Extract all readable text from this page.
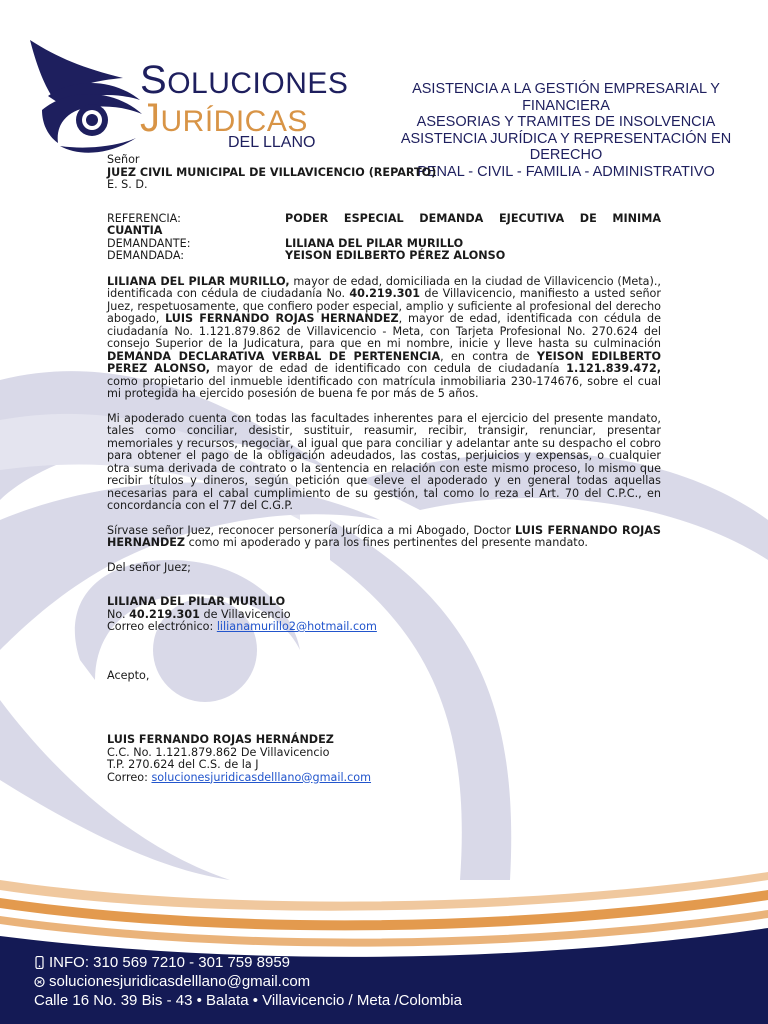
SOLUCIONES
JURÍDICAS
DEL LLANO
ASISTENCIA A LA GESTIÓN EMPRESARIAL Y FINANCIERA
ASESORIAS Y TRAMITES DE INSOLVENCIA
ASISTENCIA JURÍDICA Y REPRESENTACIÓN EN DERECHO
PENAL - CIVIL - FAMILIA - ADMINISTRATIVO

Señor

JUEZ CIVIL MUNICIPAL DE VILLAVICENCIO (REPARTO)

E. S. D.

REFERENCIA:	PODER ESPECIAL DEMANDA EJECUTIVA DE MINIMA

CUANTIA

DEMANDANTE:	LILIANA DEL PILAR MURILLO
DEMANDADA:	YEISON EDILBERTO PÉREZ ALONSO

LILIANA DEL PILAR MURILLO, mayor de edad, domiciliada en la ciudad de Villavicencio (Meta)., identificada con cédula de ciudadanía No. 40.219.301 de Villavicencio, manifiesto a usted señor Juez, respetuosamente, que confiero poder especial, amplio y suficiente al profesional del derecho abogado, LUIS FERNANDO ROJAS HERNANDEZ, mayor de edad, identificada con cédula de ciudadanía No. 1.121.879.862 de Villavicencio - Meta, con Tarjeta Profesional No. 270.624 del consejo Superior de la Judicatura, para que en mi nombre, inicie y lleve hasta su culminación DEMANDA DECLARATIVA VERBAL DE PERTENENCIA, en contra de YEISON EDILBERTO PEREZ ALONSO, mayor de edad de identificado con cedula de ciudadanía 1.121.839.472, como propietario del inmueble identificado con matrícula inmobiliaria 230-174676, sobre el cual mi protegida ha ejercido posesión de buena fe por más de 5 años.

Mi apoderado cuenta con todas las facultades inherentes para el ejercicio del presente mandato, tales como conciliar, desistir, sustituir, reasumir, recibir, transigir, renunciar, presentar memoriales y recursos, negociar, al igual que para conciliar y adelantar ante su despacho el cobro para obtener el pago de la obligación adeudados, las costas, perjuicios y expensas, o cualquier otra suma derivada de contrato o la sentencia en relación con este mismo proceso, lo mismo que recibir títulos y dineros, según petición que eleve el apoderado y en general todas aquellas necesarias para el cabal cumplimiento de su gestión, tal como lo reza el Art. 70 del C.P.C., en concordancia con el 77 del C.G.P.

Sírvase señor Juez, reconocer personería Jurídica a mi Abogado, Doctor LUIS FERNANDO ROJAS HERNANDEZ como mi apoderado y para los fines pertinentes del presente mandato.

Del señor Juez;

LILIANA DEL PILAR MURILLO

No. 40.219.301 de Villavicencio

Correo electrónico: lilianamurillo2@hotmail.com

Acepto,

LUIS FERNANDO ROJAS HERNÁNDEZ

C.C. No. 1.121.879.862 De Villavicencio

T.P. 270.624 del C.S. de la J

Correo: solucionesjuridicasdelllano@gmail.com

INFO: 310 569 7210 - 301 759 8959
solucionesjuridicasdelllano@gmail.com
Calle 16 No. 39 Bis - 43 • Balata • Villavicencio / Meta /Colombia
